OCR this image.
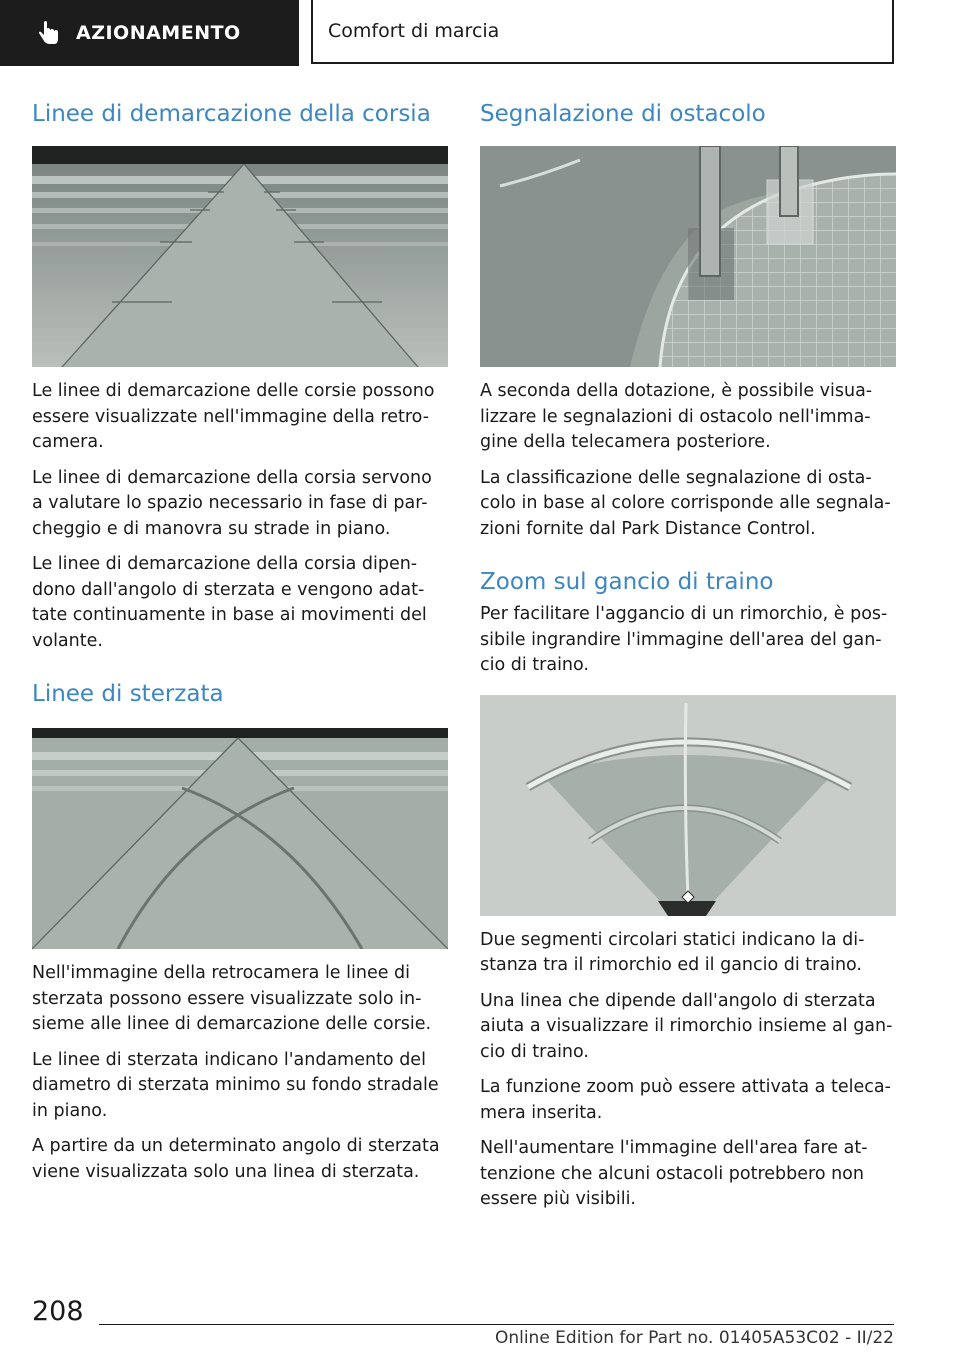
AZIONAMENTO	Comfort di marcia
Linee di demarcazione della corsia

Le linee di demarcazione delle corsie possono essere visualizzate nell'immagine della retro-camera.

Le linee di demarcazione della corsia servono a valutare lo spazio necessario in fase di par-cheggio e di manovra su strade in piano.

Le linee di demarcazione della corsia dipen-dono dall'angolo di sterzata e vengono adat-tate continuamente in base ai movimenti del volante.

Linee di sterzata

Nell'immagine della retrocamera le linee di sterzata possono essere visualizzate solo in-sieme alle linee di demarcazione delle corsie.

Le linee di sterzata indicano l'andamento del diametro di sterzata minimo su fondo stradale in piano.

A partire da un determinato angolo di sterzata viene visualizzata solo una linea di sterzata.

Segnalazione di ostacolo

A seconda della dotazione, è possibile visua-lizzare le segnalazioni di ostacolo nell'imma-gine della telecamera posteriore.

La classificazione delle segnalazione di osta-colo in base al colore corrisponde alle segnala-zioni fornite dal Park Distance Control.

Zoom sul gancio di traino

Per facilitare l'aggancio di un rimorchio, è pos-sibile ingrandire l'immagine dell'area del gan-cio di traino.

Due segmenti circolari statici indicano la di-stanza tra il rimorchio ed il gancio di traino.

Una linea che dipende dall'angolo di sterzata aiuta a visualizzare il rimorchio insieme al gan-cio di traino.

La funzione zoom può essere attivata a teleca-mera inserita.

Nell'aumentare l'immagine dell'area fare at-tenzione che alcuni ostacoli potrebbero non essere più visibili.

208
Online Edition for Part no. 01405A53C02 - II/22
